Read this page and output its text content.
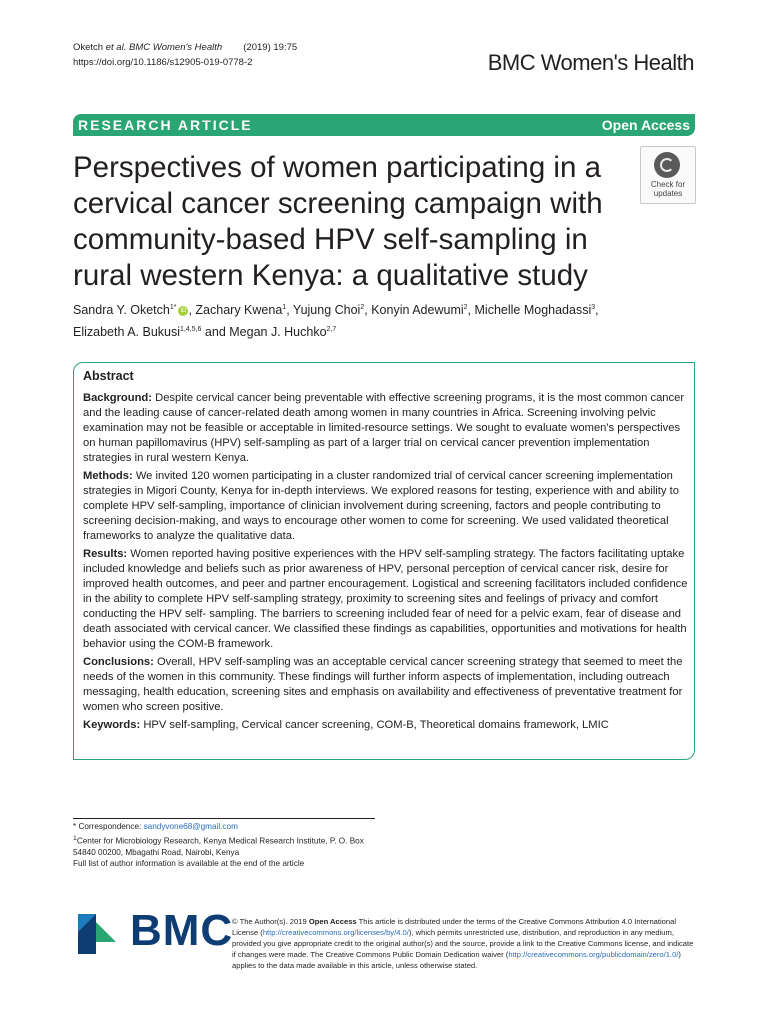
Oketch et al. BMC Women's Health (2019) 19:75
https://doi.org/10.1186/s12905-019-0778-2	BMC Women's Health
RESEARCH ARTICLE	Open Access
Perspectives of women participating in a cervical cancer screening campaign with community-based HPV self-sampling in rural western Kenya: a qualitative study
Check for
updates
Sandra Y. Oketch$^{1*}$ iD , Zachary Kwena$^1$, Yujung Choi$^2$, Konyin Adewumi$^2$, Michelle Moghadassi$^3$,
Elizabeth A. Bukusi$^{1,4,5,6}$ and Megan J. Huchko$^{2,7}$
Abstract

Background: Despite cervical cancer being preventable with effective screening programs, it is the most common cancer and the leading cause of cancer-related death among women in many countries in Africa. Screening involving pelvic examination may not be feasible or acceptable in limited-resource settings. We sought to evaluate women's perspectives on human papillomavirus (HPV) self-sampling as part of a larger trial on cervical cancer prevention implementation strategies in rural western Kenya.

Methods: We invited 120 women participating in a cluster randomized trial of cervical cancer screening implementation strategies in Migori County, Kenya for in-depth interviews. We explored reasons for testing, experience with and ability to complete HPV self-sampling, importance of clinician involvement during screening, factors and people contributing to screening decision-making, and ways to encourage other women to come for screening. We used validated theoretical frameworks to analyze the qualitative data.

Results: Women reported having positive experiences with the HPV self-sampling strategy. The factors facilitating uptake included knowledge and beliefs such as prior awareness of HPV, personal perception of cervical cancer risk, desire for improved health outcomes, and peer and partner encouragement. Logistical and screening facilitators included confidence in the ability to complete HPV self-sampling strategy, proximity to screening sites and feelings of privacy and comfort conducting the HPV self- sampling. The barriers to screening included fear of need for a pelvic exam, fear of disease and death associated with cervical cancer. We classified these findings as capabilities, opportunities and motivations for health behavior using the COM-B framework.

Conclusions: Overall, HPV self-sampling was an acceptable cervical cancer screening strategy that seemed to meet the needs of the women in this community. These findings will further inform aspects of implementation, including outreach messaging, health education, screening sites and emphasis on availability and effectiveness of preventative treatment for women who screen positive.

Keywords: HPV self-sampling, Cervical cancer screening, COM-B, Theoretical domains framework, LMIC

* Correspondence: sandyvone68@gmail.com
$^1$Center for Microbiology Research, Kenya Medical Research Institute, P. O. Box 54840 00200, Mbagathi Road, Nairobi, Kenya
Full list of author information is available at the end of the article
BMC
© The Author(s). 2019 Open Access This article is distributed under the terms of the Creative Commons Attribution 4.0 International License (http://creativecommons.org/licenses/by/4.0/), which permits unrestricted use, distribution, and reproduction in any medium, provided you give appropriate credit to the original author(s) and the source, provide a link to the Creative Commons license, and indicate if changes were made. The Creative Commons Public Domain Dedication waiver (http://creativecommons.org/publicdomain/zero/1.0/) applies to the data made available in this article, unless otherwise stated.
